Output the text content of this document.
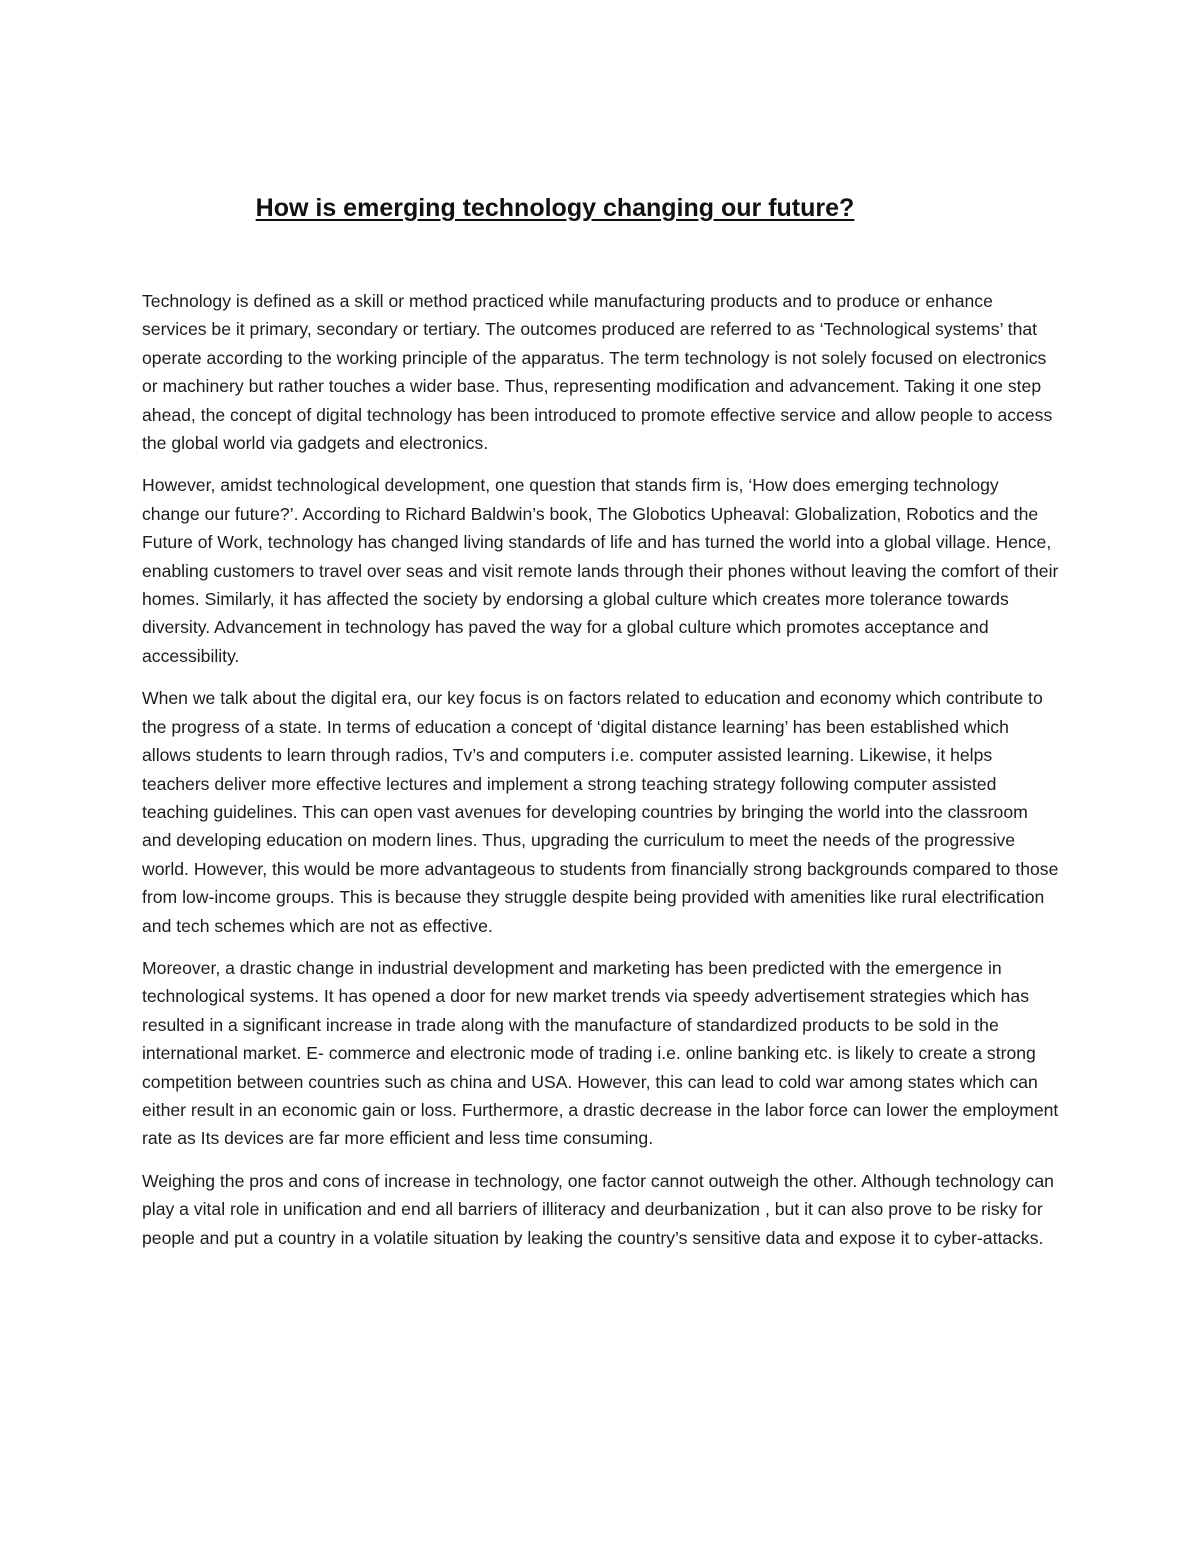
How is emerging technology changing our future?

Technology is defined as a skill or method practiced while manufacturing products and to produce or enhance services be it primary, secondary or tertiary. The outcomes produced are referred to as ‘Technological systems’ that operate according to the working principle of the apparatus. The term technology is not solely focused on electronics or machinery but rather touches a wider base. Thus, representing modification and advancement. Taking it one step ahead, the concept of digital technology has been introduced to promote effective service and allow people to access the global world via gadgets and electronics.

However, amidst technological development, one question that stands firm is, ‘How does emerging technology change our future?’. According to Richard Baldwin’s book, The Globotics Upheaval: Globalization, Robotics and the Future of Work, technology has changed living standards of life and has turned the world into a global village. Hence, enabling customers to travel over seas and visit remote lands through their phones without leaving the comfort of their homes. Similarly, it has affected the society by endorsing a global culture which creates more tolerance towards diversity. Advancement in technology has paved the way for a global culture which promotes acceptance and accessibility.

When we talk about the digital era, our key focus is on factors related to education and economy which contribute to the progress of a state. In terms of education a concept of ‘digital distance learning’ has been established which allows students to learn through radios, Tv’s and computers i.e. computer assisted learning. Likewise, it helps teachers deliver more effective lectures and implement a strong teaching strategy following computer assisted teaching guidelines. This can open vast avenues for developing countries by bringing the world into the classroom and developing education on modern lines. Thus, upgrading the curriculum to meet the needs of the progressive world. However, this would be more advantageous to students from financially strong backgrounds compared to those from low-income groups. This is because they struggle despite being provided with amenities like rural electrification and tech schemes which are not as effective.

Moreover, a drastic change in industrial development and marketing has been predicted with the emergence in technological systems. It has opened a door for new market trends via speedy advertisement strategies which has resulted in a significant increase in trade along with the manufacture of standardized products to be sold in the international market. E- commerce and electronic mode of trading i.e. online banking etc. is likely to create a strong competition between countries such as china and USA. However, this can lead to cold war among states which can either result in an economic gain or loss. Furthermore, a drastic decrease in the labor force can lower the employment rate as Its devices are far more efficient and less time consuming.

Weighing the pros and cons of increase in technology, one factor cannot outweigh the other. Although technology can play a vital role in unification and end all barriers of illiteracy and deurbanization , but it can also prove to be risky for people and put a country in a volatile situation by leaking the country’s sensitive data and expose it to cyber-attacks.
